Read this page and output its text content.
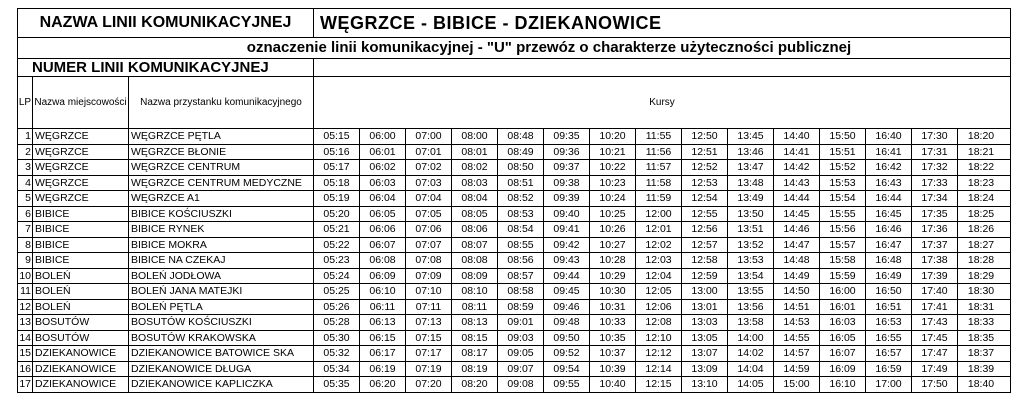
NAZWA LINII KOMUNIKACYJNEJ	WĘGRZCE - BIBICE - DZIEKANOWICE
oznaczenie linii komunikacyjnej - "U" przewóz o charakterze użyteczności publicznej
NUMER LINII KOMUNIKACYJNEJ
LP Nazwa miejscowości	Nazwa przystanku komunikacyjnego	Kursy
1 WĘGRZCE	WĘGRZCE PĘTLA	05:15	06:00	07:00	08:00	08:48	09:35	10:20	11:55	12:50	13:45	14:40	15:50	16:40	17:30	18:20
2 WĘGRZCE	WĘGRZCE BŁONIE	05:16	06:01	07:01	08:01	08:49	09:36	10:21	11:56	12:51	13:46	14:41	15:51	16:41	17:31	18:21
3 WĘGRZCE	WĘGRZCE CENTRUM	05:17	06:02	07:02	08:02	08:50	09:37	10:22	11:57	12:52	13:47	14:42	15:52	16:42	17:32	18:22
4 WĘGRZCE	WĘGRZCE CENTRUM MEDYCZNE	05:18	06:03	07:03	08:03	08:51	09:38	10:23	11:58	12:53	13:48	14:43	15:53	16:43	17:33	18:23
5 WĘGRZCE	WĘGRZCE A1	05:19	06:04	07:04	08:04	08:52	09:39	10:24	11:59	12:54	13:49	14:44	15:54	16:44	17:34	18:24
6 BIBICE	BIBICE KOŚCIUSZKI	05:20	06:05	07:05	08:05	08:53	09:40	10:25	12:00	12:55	13:50	14:45	15:55	16:45	17:35	18:25
7 BIBICE	BIBICE RYNEK	05:21	06:06	07:06	08:06	08:54	09:41	10:26	12:01	12:56	13:51	14:46	15:56	16:46	17:36	18:26
8 BIBICE	BIBICE MOKRA	05:22	06:07	07:07	08:07	08:55	09:42	10:27	12:02	12:57	13:52	14:47	15:57	16:47	17:37	18:27
9 BIBICE	BIBICE NA CZEKAJ	05:23	06:08	07:08	08:08	08:56	09:43	10:28	12:03	12:58	13:53	14:48	15:58	16:48	17:38	18:28
10 BOLEŃ	BOLEŃ JODŁOWA	05:24	06:09	07:09	08:09	08:57	09:44	10:29	12:04	12:59	13:54	14:49	15:59	16:49	17:39	18:29
11 BOLEŃ	BOLEŃ JANA MATEJKI	05:25	06:10	07:10	08:10	08:58	09:45	10:30	12:05	13:00	13:55	14:50	16:00	16:50	17:40	18:30
12 BOLEŃ	BOLEŃ PĘTLA	05:26	06:11	07:11	08:11	08:59	09:46	10:31	12:06	13:01	13:56	14:51	16:01	16:51	17:41	18:31
13 BOSUTÓW	BOSUTÓW KOŚCIUSZKI	05:28	06:13	07:13	08:13	09:01	09:48	10:33	12:08	13:03	13:58	14:53	16:03	16:53	17:43	18:33
14 BOSUTÓW	BOSUTÓW KRAKOWSKA	05:30	06:15	07:15	08:15	09:03	09:50	10:35	12:10	13:05	14:00	14:55	16:05	16:55	17:45	18:35
15 DZIEKANOWICE	DZIEKANOWICE BATOWICE SKA	05:32	06:17	07:17	08:17	09:05	09:52	10:37	12:12	13:07	14:02	14:57	16:07	16:57	17:47	18:37
16 DZIEKANOWICE	DZIEKANOWICE DŁUGA	05:34	06:19	07:19	08:19	09:07	09:54	10:39	12:14	13:09	14:04	14:59	16:09	16:59	17:49	18:39
17 DZIEKANOWICE	DZIEKANOWICE KAPLICZKA	05:35	06:20	07:20	08:20	09:08	09:55	10:40	12:15	13:10	14:05	15:00	16:10	17:00	17:50	18:40
